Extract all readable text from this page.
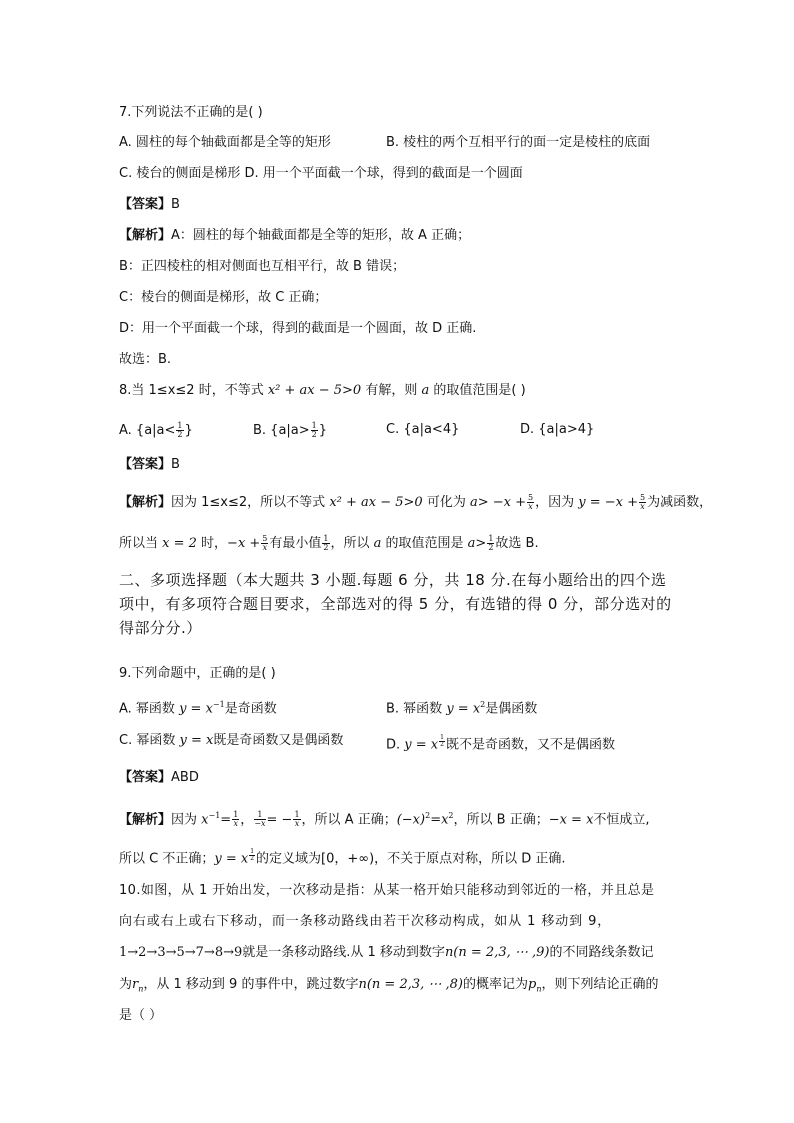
7.下列说法不正确的是( )
A. 圆柱的每个轴截面都是全等的矩形	B. 棱柱的两个互相平行的面一定是棱柱的底面
C. 棱台的侧面是梯形 D. 用一个平面截一个球，得到的截面是一个圆面
【答案】B
【解析】A：圆柱的每个轴截面都是全等的矩形，故 A 正确；
B：正四棱柱的相对侧面也互相平行，故 B 错误；
C：棱台的侧面是梯形，故 C 正确；
D：用一个平面截一个球，得到的截面是一个圆面，故 D 正确.
故选：B.
8.当 1≤x≤2 时，不等式 x² + ax − 5>0 有解，则 a 的取值范围是( )
A. {$a|a< \frac{1}{2}$ }	B. {$a|a> \frac{1}{2}$ }	C. {a|a<4}	D. {a|a>4}
【答案】B
【解析】因为 1≤x≤2，所以不等式 x² + ax − 5>0 可化为 $a> -x + \frac{5}{x}$ ，因为 $y = -x + \frac{5}{x}$ 为减函数，
所以当 x = 2 时，$-x + \frac{5}{x}$ 有最小值 $\frac{1}{2}$ ，所以 a 的取值范围是 $a> \frac{1}{2}$ 故选 B.
二、多项选择题（本大题共 3 小题.每题 6 分，共 18 分.在每小题给出的四个选项中，有多项符合题目要求，全部选对的得 5 分，有选错的得 0 分，部分选对的得部分分.）
9.下列命题中，正确的是( )
A. 幂函数 $y = x^{-1}$是奇函数	B. 幂函数 $y = x^2$是偶函数
C. 幂函数 y = x既是奇函数又是偶函数	D. y = x $^{\frac{1}{2}}$ 既不是奇函数，又不是偶函数
【答案】ABD
【解析】因为 $x^{-1}= \frac{1}{x}$ ， $\frac{1}{-x}$ = − $\frac{1}{x}$ ，所以 A 正确；$(-x)^2=x^2$，所以 B 正确；−x = x不恒成立,
所以 C 不正确；y = x $^{\frac{1}{2}}$ 的定义域为[0，+∞)，不关于原点对称，所以 D 正确.
10.如图，从 1 开始出发，一次移动是指：从某一格开始只能移动到邻近的一格，并且总是
向右或右上或右下移动，而一条移动路线由若干次移动构成，如从 1 移动到 9，
1→2→3→5→7→8→9就是一条移动路线.从 1 移动到数字n(n = 2,3, ⋯ ,9)的不同路线条数记
为$r_n$，从 1 移动到 9 的事件中，跳过数字n(n = 2,3, ⋯ ,8)的概率记为$p_n$，则下列结论正确的
是（ ）
